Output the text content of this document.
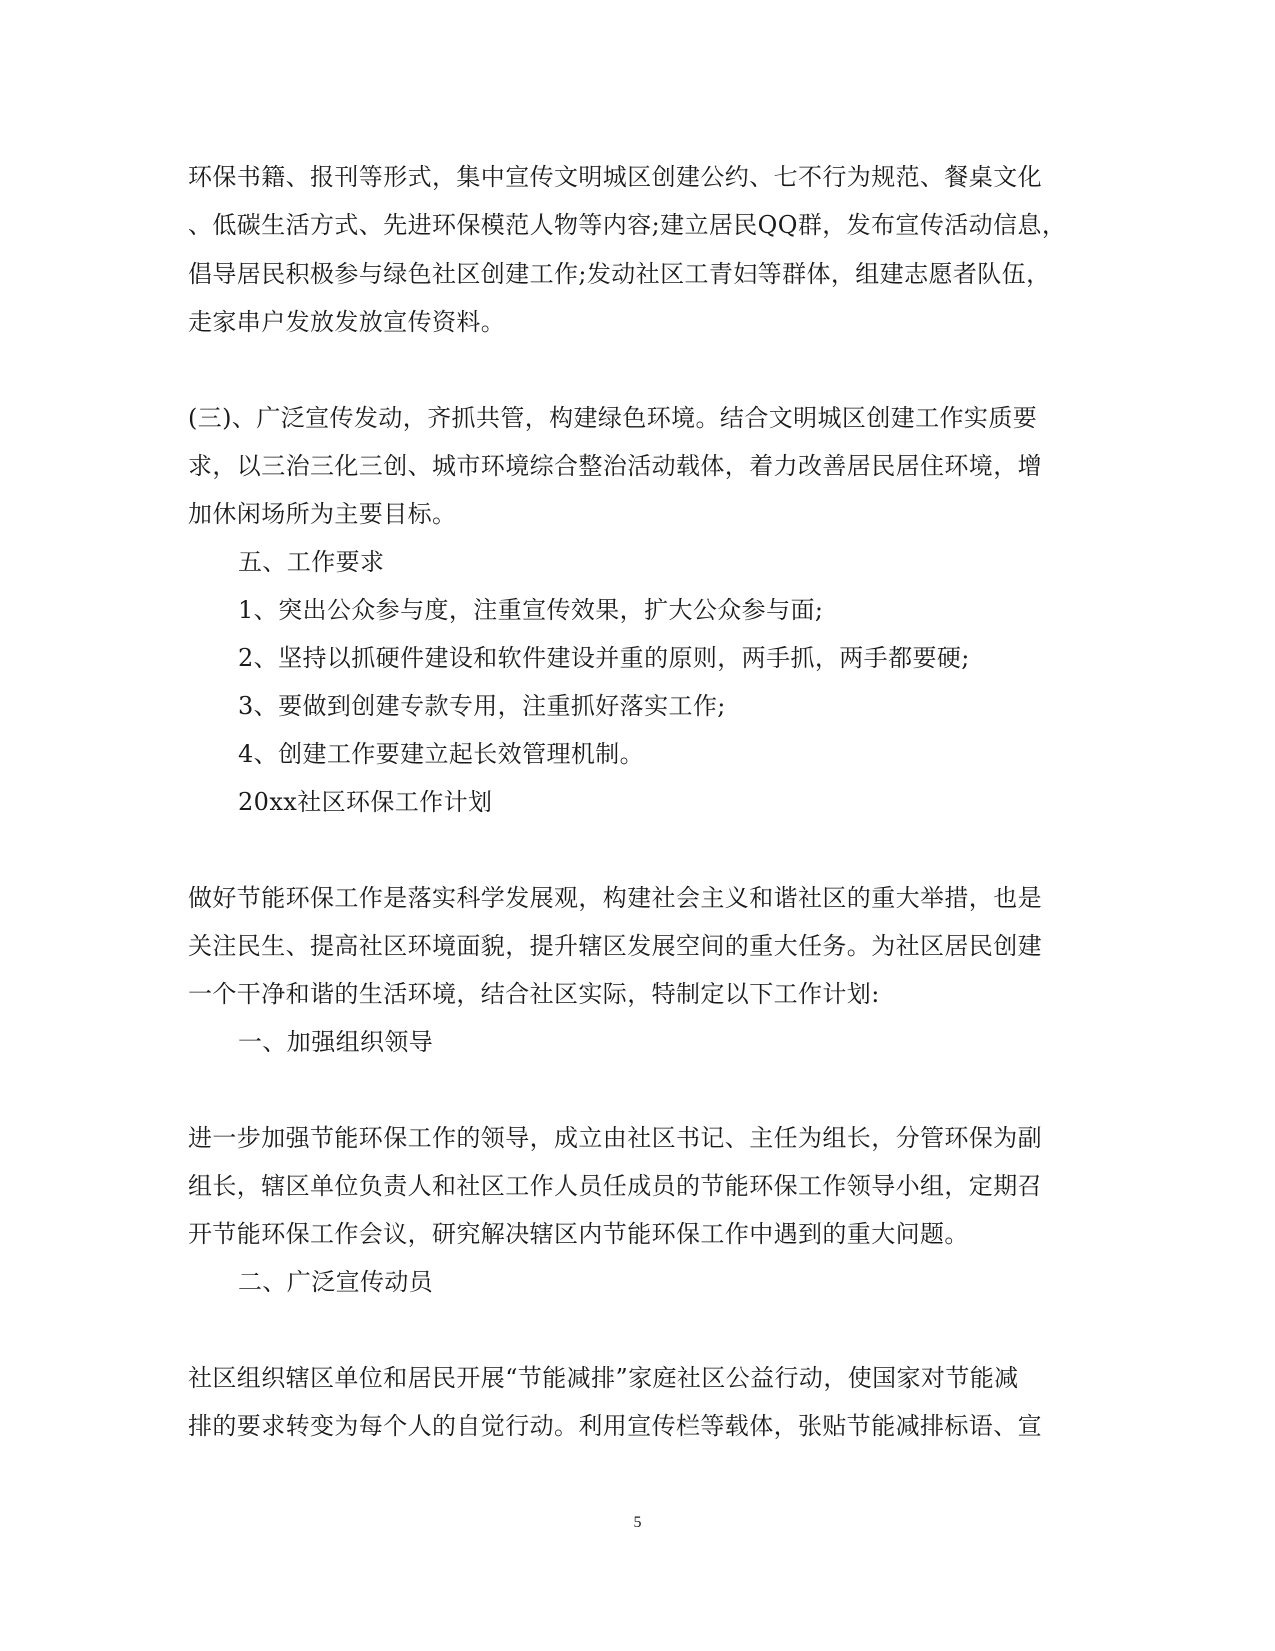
环保书籍、报刊等形式，集中宣传文明城区创建公约、七不行为规范、餐桌文化
、低碳生活方式、先进环保模范人物等内容;建立居民QQ群，发布宣传活动信息，
倡导居民积极参与绿色社区创建工作;发动社区工青妇等群体，组建志愿者队伍，
走家串户发放发放宣传资料。
(三)、广泛宣传发动，齐抓共管，构建绿色环境。结合文明城区创建工作实质要
求，以三治三化三创、城市环境综合整治活动载体，着力改善居民居住环境，增
加休闲场所为主要目标。
五、工作要求
1、突出公众参与度，注重宣传效果，扩大公众参与面;
2、坚持以抓硬件建设和软件建设并重的原则，两手抓，两手都要硬;
3、要做到创建专款专用，注重抓好落实工作;
4、创建工作要建立起长效管理机制。
20xx社区环保工作计划
做好节能环保工作是落实科学发展观，构建社会主义和谐社区的重大举措，也是
关注民生、提高社区环境面貌，提升辖区发展空间的重大任务。为社区居民创建
一个干净和谐的生活环境，结合社区实际，特制定以下工作计划:
一、加强组织领导
进一步加强节能环保工作的领导，成立由社区书记、主任为组长，分管环保为副
组长，辖区单位负责人和社区工作人员任成员的节能环保工作领导小组，定期召
开节能环保工作会议，研究解决辖区内节能环保工作中遇到的重大问题。
二、广泛宣传动员
社区组织辖区单位和居民开展“节能减排”家庭社区公益行动，使国家对节能减
排的要求转变为每个人的自觉行动。利用宣传栏等载体，张贴节能减排标语、宣
5
